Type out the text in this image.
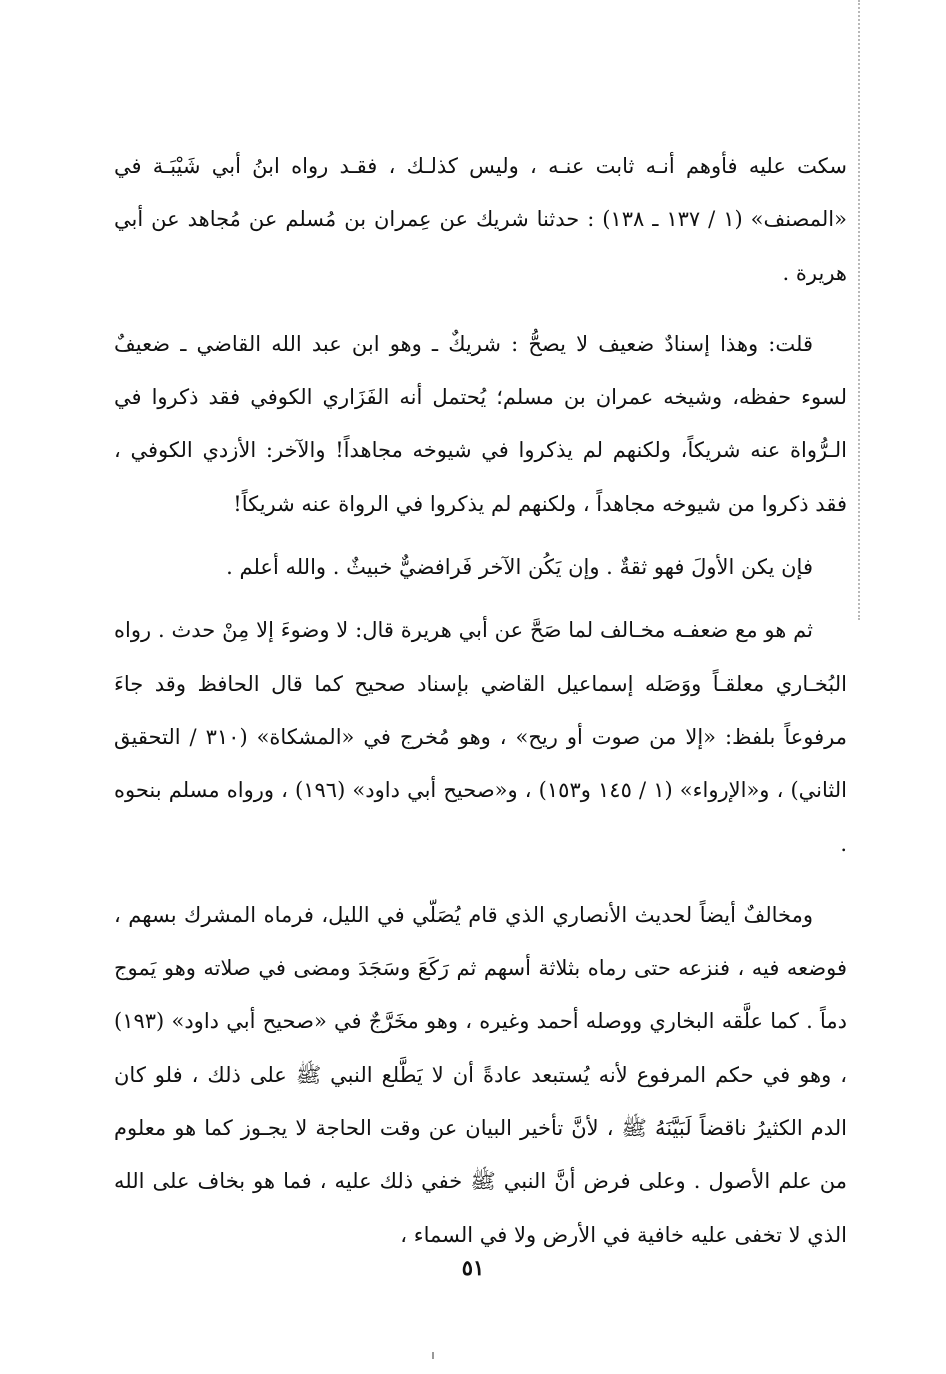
سكت عليه فأوهم أنـه ثابت عنـه ، وليس كذلـك ، فقـد رواه ابنُ أبي شَيْبَـة في «المصنف» (١ / ١٣٧ ـ ١٣٨) : حدثنا شريك عن عِمران بن مُسلم عن مُجاهد عن أبي هريرة .

قلت: وهذا إسنادٌ ضعيف لا يصحُّ : شريكٌ ـ وهو ابن عبد الله القاضي ـ ضعيفٌ لسوء حفظه، وشيخه عمران بن مسلم؛ يُحتمل أنه الفَزَاري الكوفي فقد ذكروا في الـرُّواة عنه شريكاً، ولكنهم لم يذكروا في شيوخه مجاهداً! والآخر: الأزدي الكوفي ، فقد ذكروا من شيوخه مجاهداً ، ولكنهم لم يذكروا في الرواة عنه شريكاً!

فإن يكن الأولَ فهو ثقةٌ . وإن يَكُن الآخر فَرافضيٌّ خبيثٌ . والله أعلم .

ثم هو مع ضعفـه مخـالف لما صَحَّ عن أبي هريرة قال: لا وضوءَ إلا مِنْ حدث . رواه البُخـاري معلقـاً ووَصَله إسماعيل القاضي بإسناد صحيح كما قال الحافظ وقد جاءَ مرفوعاً بلفظ: «إلا من صوت أو ريح» ، وهو مُخرج في «المشكاة» (٣١٠ / التحقيق الثاني) ، و«الإرواء» (١ / ١٤٥ و١٥٣) ، و«صحيح أبي داود» (١٩٦) ، ورواه مسلم بنحوه .

ومخالفٌ أيضاً لحديث الأنصاري الذي قام يُصَلّي في الليل، فرماه المشرك بسهم ، فوضعه فيه ، فنزعه حتى رماه بثلاثة أسهم ثم رَكَعَ وسَجَدَ ومضى في صلاته وهو يَموج دماً . كما علَّقه البخاري ووصله أحمد وغيره ، وهو مخَرَّجٌ في «صحيح أبي داود» (١٩٣) ، وهو في حكم المرفوع لأنه يُستبعد عادةً أن لا يَطَّلع النبي ﷺ على ذلك ، فلو كان الدم الكثيرُ ناقضاً لَبَيَّنَهُ ﷺ ، لأنَّ تأخير البيان عن وقت الحاجة لا يجـوز كما هو معلوم من علم الأصول . وعلى فرض أنَّ النبي ﷺ خفي ذلك عليه ، فما هو بخاف على الله الذي لا تخفى عليه خافية في الأرض ولا في السماء ،

٥١
